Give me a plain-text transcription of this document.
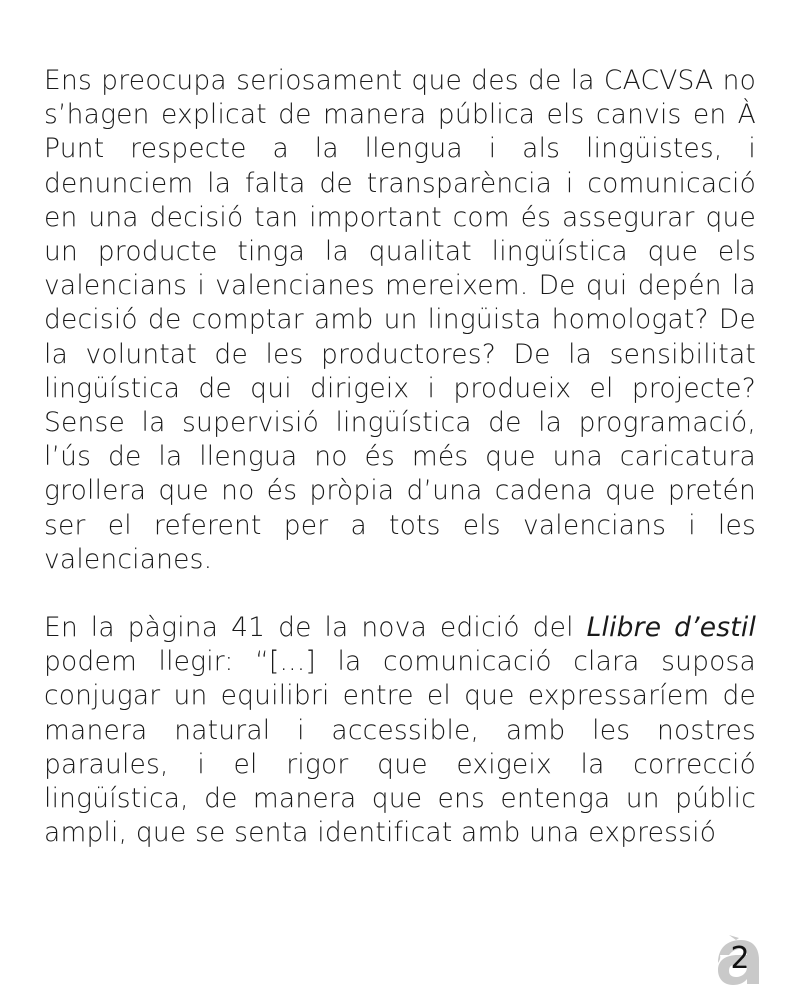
Ens preocupa seriosament que des de la CACVSA no s’hagen explicat de manera pública els canvis en À Punt respecte a la llengua i als lingüistes, i denunciem la falta de transparència i comunicació en una decisió tan important com és assegurar que un producte tinga la qualitat lingüística que els valencians i valencianes mereixem. De qui depén la decisió de comptar amb un lingüista homologat? De la voluntat de les productores? De la sensibilitat lingüística de qui dirigeix i produeix el projecte? Sense la supervisió lingüística de la programació, l’ús de la llengua no és més que una caricatura grollera que no és pròpia d’una cadena que pretén ser el referent per a tots els valencians i les valencianes.

En la pàgina 41 de la nova edició del Llibre d’estil podem llegir: “[...] la comunicació clara suposa conjugar un equilibri entre el que expressaríem de manera natural i accessible, amb les nostres paraules, i el rigor que exigeix la correcció lingüística, de manera que ens entenga un públic ampli, que se senta identificat amb una expressió

2
